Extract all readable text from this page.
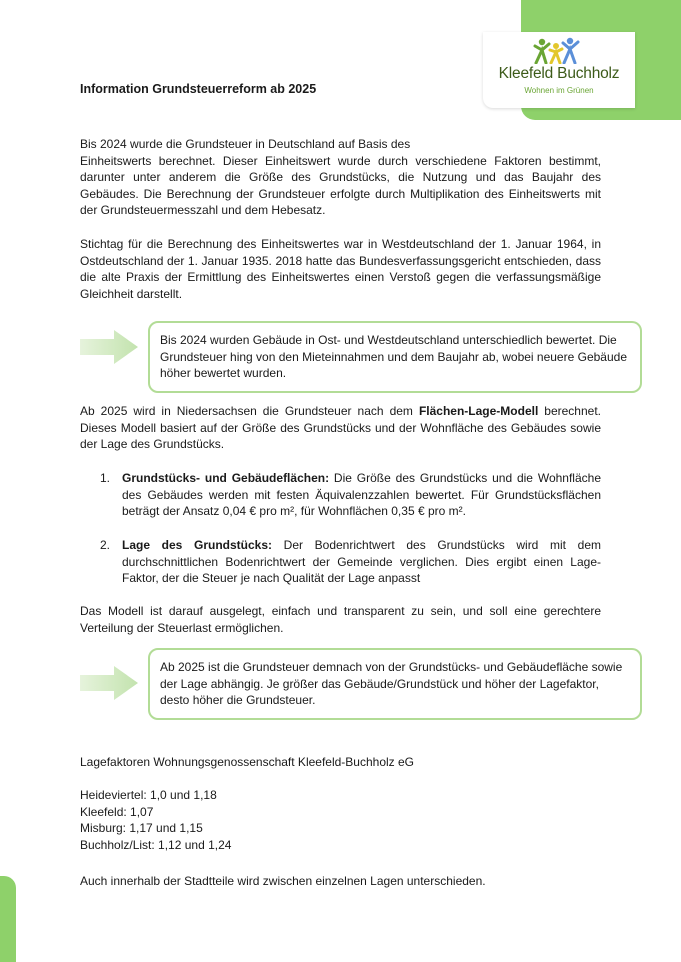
Kleefeld Buchholz
Wohnen im Grünen
Information Grundsteuerreform ab 2025
Bis 2024 wurde die Grundsteuer in Deutschland auf Basis des
Einheitswerts berechnet. Dieser Einheitswert wurde durch verschiedene Faktoren bestimmt, darunter unter anderem die Größe des Grundstücks, die Nutzung und das Baujahr des Gebäudes. Die Berechnung der Grundsteuer erfolgte durch Multiplikation des Einheitswerts mit der Grundsteuermesszahl und dem Hebesatz.
Stichtag für die Berechnung des Einheitswertes war in Westdeutschland der 1. Januar 1964, in Ostdeutschland der 1. Januar 1935. 2018 hatte das Bundesverfassungsgericht entschieden, dass die alte Praxis der Ermittlung des Einheitswertes einen Verstoß gegen die verfassungsmäßige Gleichheit darstellt.
Bis 2024 wurden Gebäude in Ost- und Westdeutschland unterschiedlich bewertet. Die Grundsteuer hing von den Mieteinnahmen und dem Baujahr ab, wobei neuere Gebäude höher bewertet wurden.
Ab 2025 wird in Niedersachsen die Grundsteuer nach dem Flächen-Lage-Modell berechnet. Dieses Modell basiert auf der Größe des Grundstücks und der Wohnfläche des Gebäudes sowie der Lage des Grundstücks.
1. Grundstücks- und Gebäudeflächen: Die Größe des Grundstücks und die Wohnfläche des Gebäudes werden mit festen Äquivalenzzahlen bewertet. Für Grundstücksflächen beträgt der Ansatz 0,04 € pro m², für Wohnflächen 0,35 € pro m².
2. Lage des Grundstücks: Der Bodenrichtwert des Grundstücks wird mit dem durchschnittlichen Bodenrichtwert der Gemeinde verglichen. Dies ergibt einen Lage-Faktor, der die Steuer je nach Qualität der Lage anpasst
Das Modell ist darauf ausgelegt, einfach und transparent zu sein, und soll eine gerechtere Verteilung der Steuerlast ermöglichen.
Ab 2025 ist die Grundsteuer demnach von der Grundstücks- und Gebäudefläche sowie der Lage abhängig. Je größer das Gebäude/Grundstück und höher der Lagefaktor, desto höher die Grundsteuer.
Lagefaktoren Wohnungsgenossenschaft Kleefeld-Buchholz eG
Heideviertel: 1,0 und 1,18
Kleefeld: 1,07
Misburg: 1,17 und 1,15
Buchholz/List: 1,12 und 1,24
Auch innerhalb der Stadtteile wird zwischen einzelnen Lagen unterschieden.
